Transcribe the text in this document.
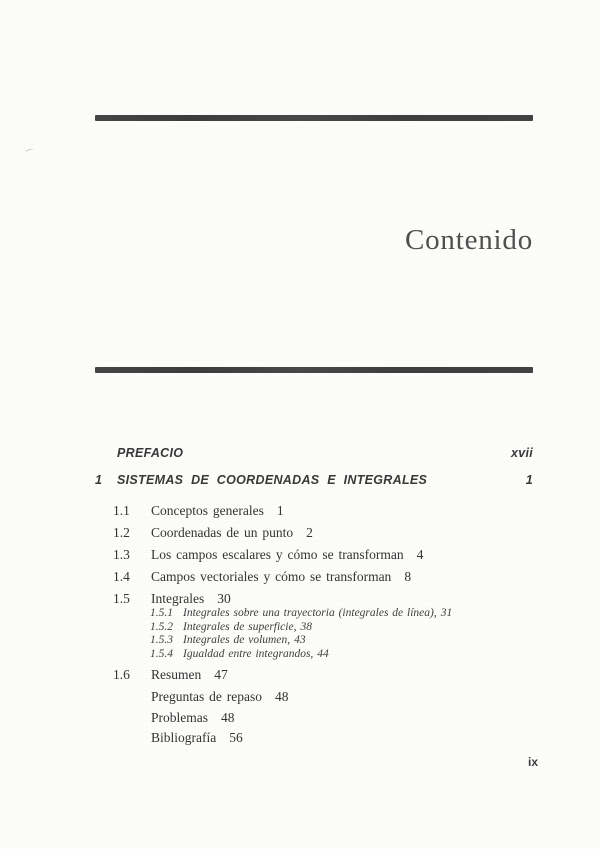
Contenido
PREFACIO	xvii
1 SISTEMAS DE COORDENADAS E INTEGRALES	1
1.1 Conceptos generales 1
1.2 Coordenadas de un punto 2
1.3 Los campos escalares y cómo se transforman 4
1.4 Campos vectoriales y cómo se transforman 8
1.5 Integrales 30
1.5.1 Integrales sobre una trayectoria (integrales de línea), 31
1.5.2 Integrales de superficie, 38
1.5.3 Integrales de volumen, 43
1.5.4 Igualdad entre integrandos, 44
1.6 Resumen 47
Preguntas de repaso 48
Problemas 48
Bibliografía 56
ix
